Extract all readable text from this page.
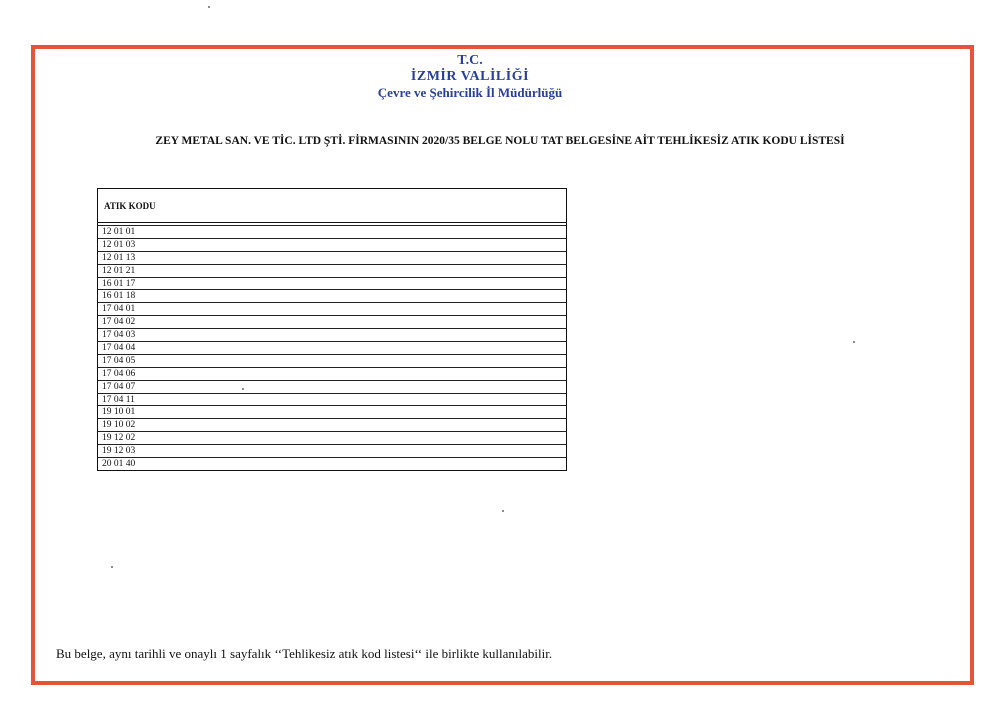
T.C.
İZMİR VALİLİĞİ
Çevre ve Şehircilik İl Müdürlüğü
ZEY METAL SAN. VE TİC. LTD ŞTİ. FİRMASININ 2020/35 BELGE NOLU TAT BELGESİNE AİT TEHLİKESİZ ATIK KODU LİSTESİ
ATIK KODU
12 01 01
12 01 03
12 01 13
12 01 21
16 01 17
16 01 18
17 04 01
17 04 02
17 04 03
17 04 04
17 04 05
17 04 06
17 04 07
17 04 11
19 10 01
19 10 02
19 12 02
19 12 03
20 01 40
Bu belge, aynı tarihli ve onaylı 1 sayfalık ‘‘Tehlikesiz atık kod listesi‘‘ ile birlikte kullanılabilir.
